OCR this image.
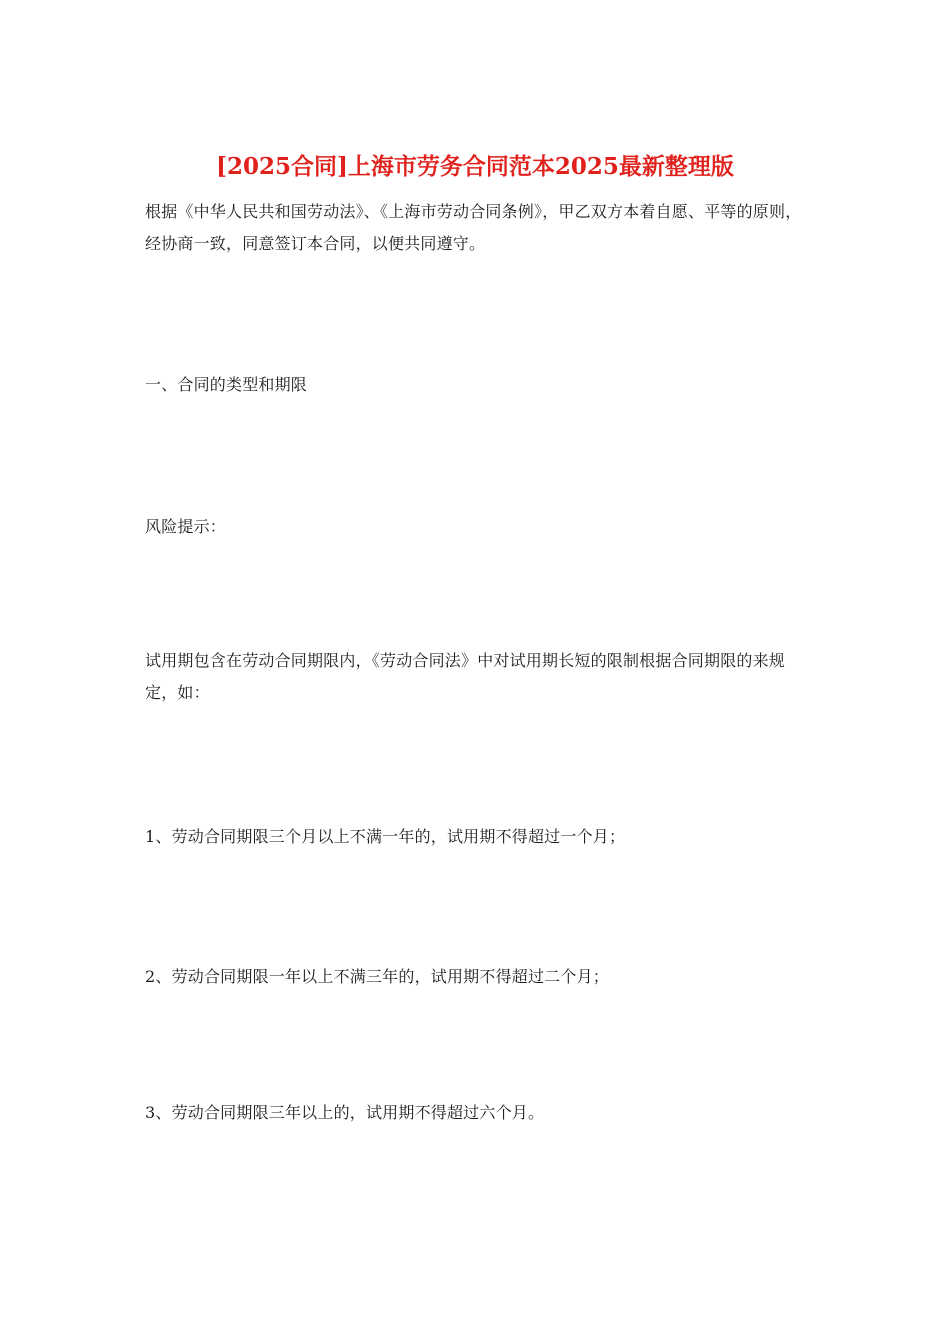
[2025合同]上海市劳务合同范本2025最新整理版

根据《中华人民共和国劳动法》、《上海市劳动合同条例》，甲乙双方本着自愿、平等的原则，经协商一致，同意签订本合同，以便共同遵守。

一、合同的类型和期限

风险提示：

试用期包含在劳动合同期限内，《劳动合同法》中对试用期长短的限制根据合同期限的来规定，如：

1、劳动合同期限三个月以上不满一年的，试用期不得超过一个月；

2、劳动合同期限一年以上不满三年的，试用期不得超过二个月；

3、劳动合同期限三年以上的，试用期不得超过六个月。
